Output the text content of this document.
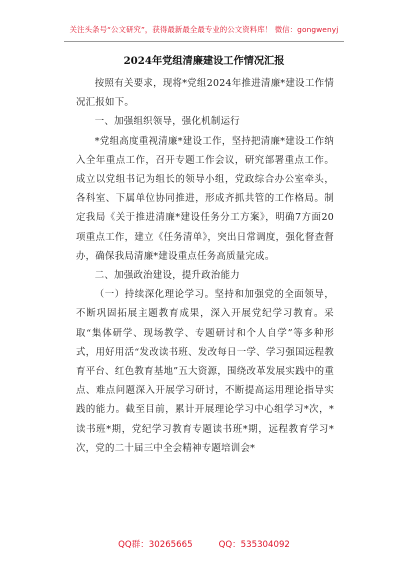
关注头条号“公文研究”，获得最新最全最专业的公文资料库！ 微信：gongwenyj
2024年党组清廉建设工作情况汇报

按照有关要求，现将*党组2024年推进清廉*建设工作情况汇报如下。

一、加强组织领导，强化机制运行

*党组高度重视清廉*建设工作，坚持把清廉*建设工作纳入全年重点工作，召开专题工作会议，研究部署重点工作。成立以党组书记为组长的领导小组，党政综合办公室牵头，各科室、下属单位协同推进，形成齐抓共管的工作格局。制定我局《关于推进清廉*建设任务分工方案》，明确7方面20项重点工作，建立《任务清单》，突出日常调度，强化督查督办，确保我局清廉*建设重点任务高质量完成。

二、加强政治建设，提升政治能力

（一）持续深化理论学习。坚持和加强党的全面领导，不断巩固拓展主题教育成果，深入开展党纪学习教育。采取“集体研学、现场教学、专题研讨和个人自学”等多种形式，用好用活“发改读书班、发改每日一学、学习强国远程教育平台、红色教育基地”五大资源，围绕改革发展实践中的重点、难点问题深入开展学习研讨，不断提高运用理论指导实践的能力。截至目前，累计开展理论学习中心组学习*次，*读书班*期，党纪学习教育专题读书班*期，远程教育学习*次，党的二十届三中全会精神专题培训会*

QQ群：30265665	QQ：535304092
